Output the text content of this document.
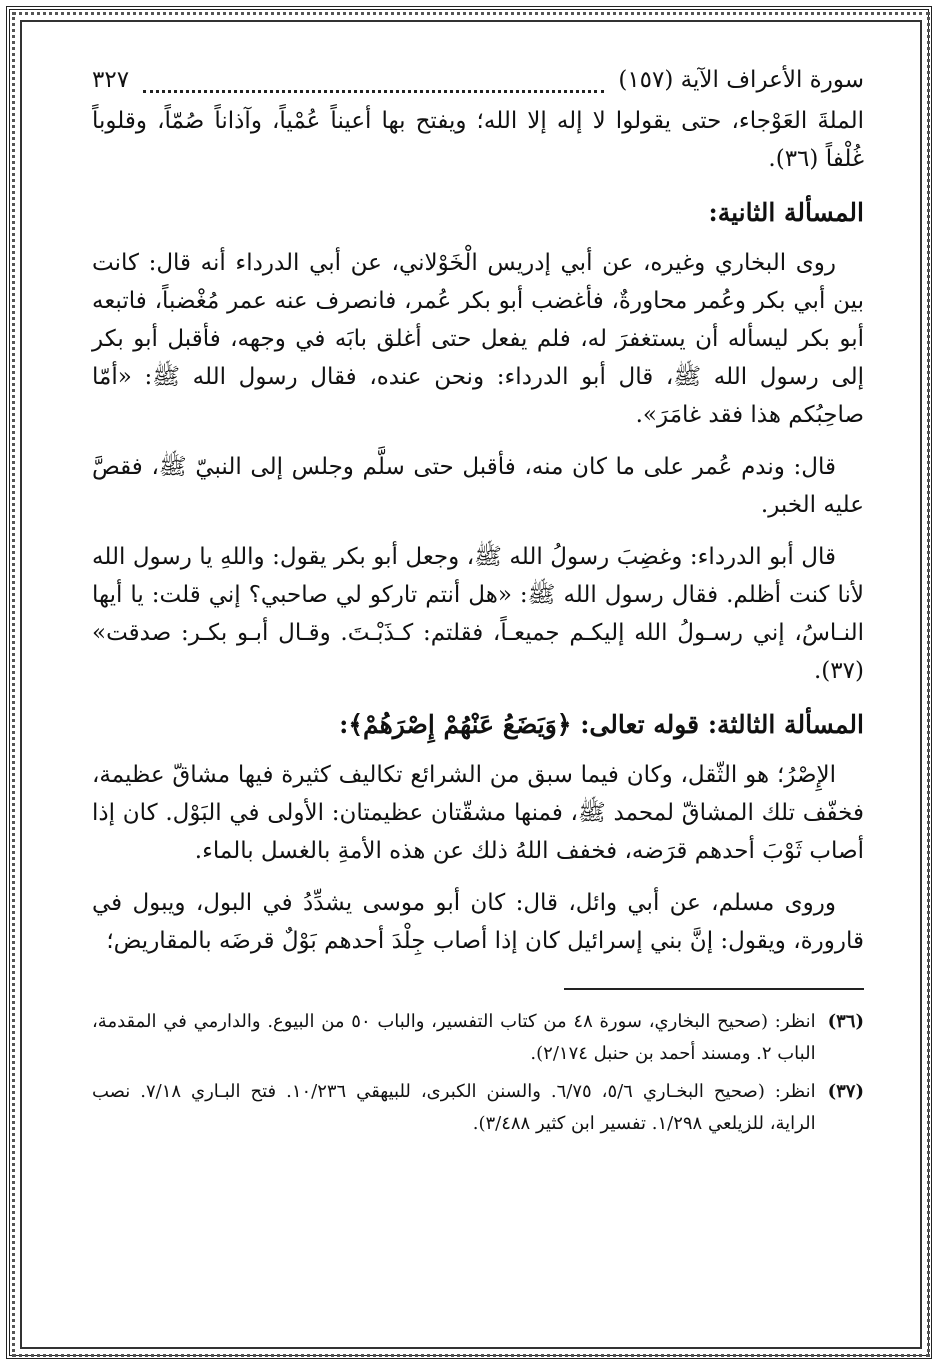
سورة الأعراف الآية (١٥٧)
٣٢٧

الملةَ العَوْجاء، حتى يقولوا لا إله إلا الله؛ ويفتح بها أعيناً عُمْياً، وآذاناً صُمّاً، وقلوباً غُلْفاً (٣٦).

المسألة الثانية:

روى البخاري وغيره، عن أبي إدريس الْخَوْلاني، عن أبي الدرداء أنه قال: كانت بين أبي بكر وعُمر محاورةٌ، فأغضب أبو بكر عُمر، فانصرف عنه عمر مُغْضباً، فاتبعه أبو بكر ليسأله أن يستغفرَ له، فلم يفعل حتى أغلق بابَه في وجهه، فأقبل أبو بكر إلى رسول الله ﷺ، قال أبو الدرداء: ونحن عنده، فقال رسول الله ﷺ: «أمّا صاحِبُكم هذا فقد غامَرَ».

قال: وندم عُمر على ما كان منه، فأقبل حتى سلَّم وجلس إلى النبيّ ﷺ، فقصَّ عليه الخبر.

قال أبو الدرداء: وغضِبَ رسولُ الله ﷺ، وجعل أبو بكر يقول: واللهِ يا رسول الله لأنا كنت أظلم. فقال رسول الله ﷺ: «هل أنتم تاركو لي صاحبي؟ إني قلت: يا أيها النـاسُ، إني رسـولُ الله إليكـم جميعـاً، فقلتم: كـذَبْـتَ. وقـال أبـو بكـر: صدقت» (٣٧).

المسألة الثالثة: قوله تعالى: ﴿وَيَضَعُ عَنْهُمْ إِصْرَهُمْ﴾:

الإِصْرُ؛ هو الثّقل، وكان فيما سبق من الشرائع تكاليف كثيرة فيها مشاقّ عظيمة، فخفّف تلك المشاقّ لمحمد ﷺ، فمنها مشقّتان عظيمتان: الأولى في البَوْل. كان إذا أصاب ثَوْبَ أحدهم قرَضه، فخفف اللهُ ذلك عن هذه الأمةِ بالغسل بالماء.

وروى مسلم، عن أبي وائل، قال: كان أبو موسى يشدِّدُ في البول، ويبول في قارورة، ويقول: إنَّ بني إسرائيل كان إذا أصاب جِلْدَ أحدهم بَوْلٌ قرضَه بالمقاريض؛

(٣٦)
انظر: (صحيح البخاري، سورة ٤٨ من كتاب التفسير، والباب ٥٠ من البيوع. والدارمي في المقدمة، الباب ٢. ومسند أحمد بن حنبل ٢/١٧٤).
(٣٧)
انظر: (صحيح البخـاري ٥/٦، ٦/٧٥. والسنن الكبرى، للبيهقي ١٠/٢٣٦. فتح البـاري ٧/١٨. نصب الراية، للزيلعي ١/٢٩٨. تفسير ابن كثير ٣/٤٨٨).
